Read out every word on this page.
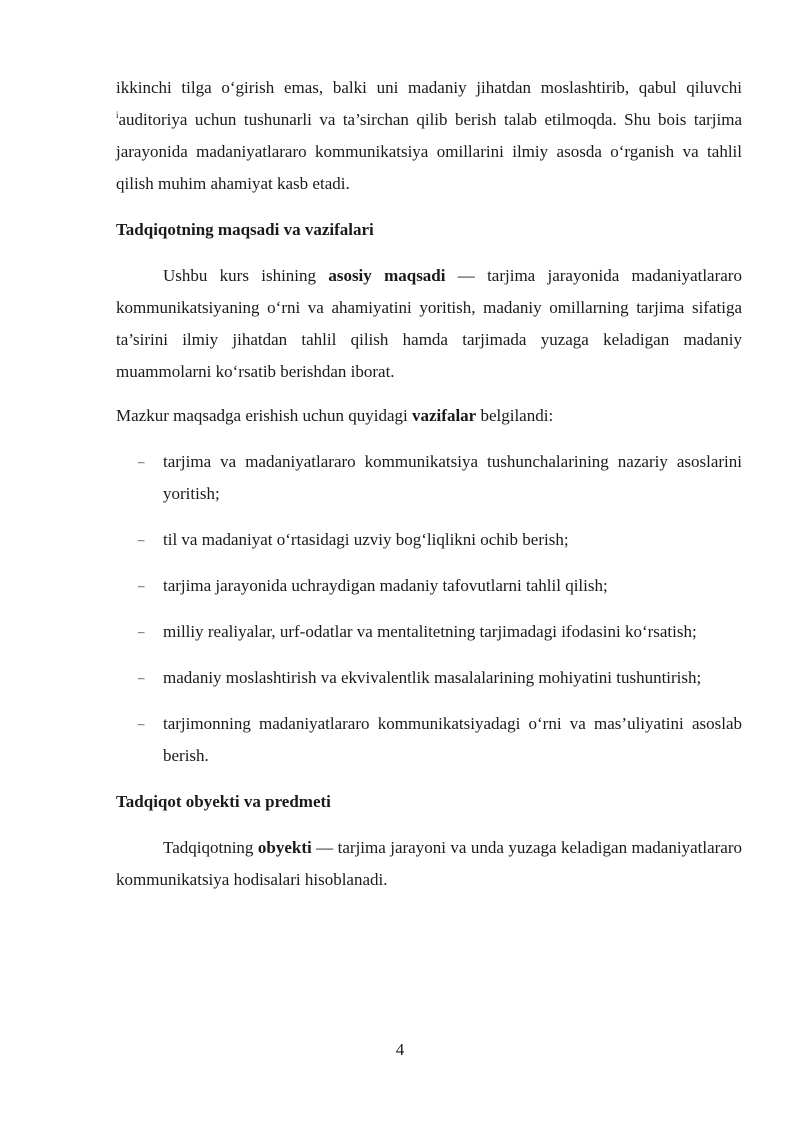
ikkinchi tilga o‘girish emas, balki uni madaniy jihatdan moslashtirib, qabul qiluvchi $^i$auditoriya uchun tushunarli va ta’sirchan qilib berish talab etilmoqda. Shu bois tarjima jarayonida madaniyatlararo kommunikatsiya omillarini ilmiy asosda o‘rganish va tahlil qilish muhim ahamiyat kasb etadi.

Tadqiqotning maqsadi va vazifalari

Ushbu kurs ishining asosiy maqsadi — tarjima jarayonida madaniyatlararo kommunikatsiyaning o‘rni va ahamiyatini yoritish, madaniy omillarning tarjima sifatiga ta’sirini ilmiy jihatdan tahlil qilish hamda tarjimada yuzaga keladigan madaniy muammolarni ko‘rsatib berishdan iborat.

Mazkur maqsadga erishish uchun quyidagi vazifalar belgilandi:

– tarjima va madaniyatlararo kommunikatsiya tushunchalarining nazariy asoslarini yoritish;
– til va madaniyat o‘rtasidagi uzviy bog‘liqlikni ochib berish;
– tarjima jarayonida uchraydigan madaniy tafovutlarni tahlil qilish;
– milliy realiyalar, urf-odatlar va mentalitetning tarjimadagi ifodasini ko‘rsatish;
– madaniy moslashtirish va ekvivalentlik masalalarining mohiyatini tushuntirish;
– tarjimonning madaniyatlararo kommunikatsiyadagi o‘rni va mas’uliyatini asoslab berish.

Tadqiqot obyekti va predmeti

Tadqiqotning obyekti — tarjima jarayoni va unda yuzaga keladigan madaniyatlararo kommunikatsiya hodisalari hisoblanadi.

4
